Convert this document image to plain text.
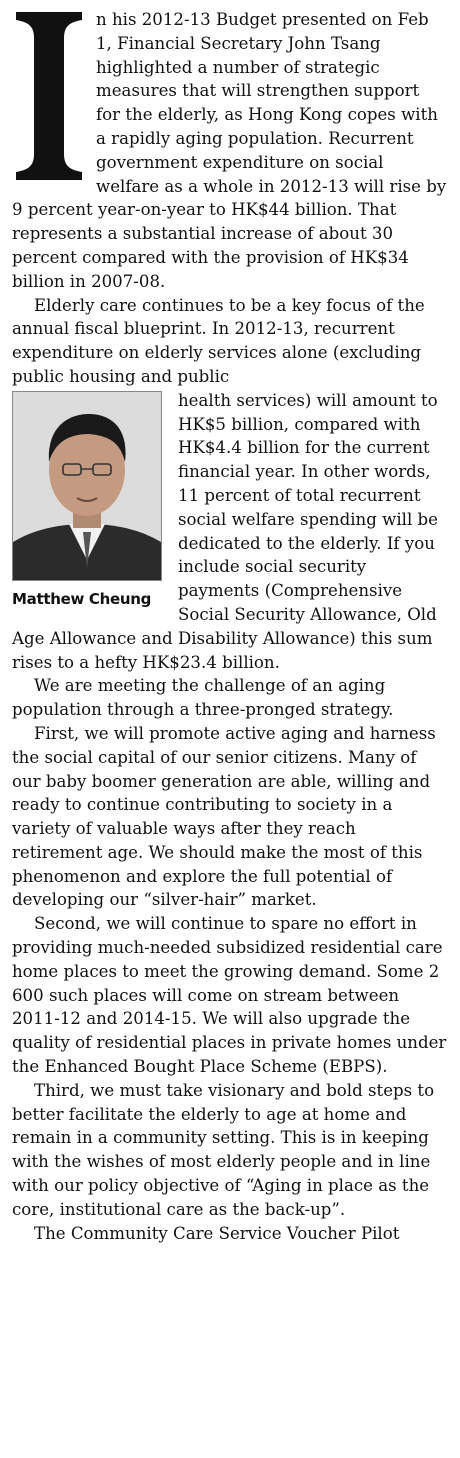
n his 2012-13 Budget presented on Feb 1, Financial Secretary John Tsang highlighted a number of strategic measures that will strengthen support for the elderly, as Hong Kong copes with a rapidly aging population. Recurrent government expenditure on social welfare as a whole in 2012-13 will rise by 9 percent year-on-year to HK$44 billion. That represents a substantial increase of about 30 percent compared with the provision of HK$34 billion in 2007-08.

Elderly care continues to be a key focus of the annual fiscal blueprint. In 2012-13, recurrent expenditure on elderly services alone (excluding public housing and public

Matthew Cheung

health services) will amount to HK$5 billion, compared with HK$4.4 billion for the current financial year. In other words, 11 percent of total recurrent social welfare spending will be dedicated to the elderly. If you include social security payments (Comprehensive Social Security Allowance, Old Age Allowance and Disability Allowance) this sum rises to a hefty HK$23.4 billion.

We are meeting the challenge of an aging population through a three-pronged strategy.

First, we will promote active aging and harness the social capital of our senior citizens. Many of our baby boomer generation are able, willing and ready to continue contributing to society in a variety of valuable ways after they reach retirement age. We should make the most of this phenomenon and explore the full potential of developing our “silver-hair” market.

Second, we will continue to spare no effort in providing much-needed subsidized residential care home places to meet the growing demand. Some 2 600 such places will come on stream between 2011-12 and 2014-15. We will also upgrade the quality of residential places in private homes under the Enhanced Bought Place Scheme (EBPS).

Third, we must take visionary and bold steps to better facilitate the elderly to age at home and remain in a community setting. This is in keeping with the wishes of most elderly people and in line with our policy objective of “Aging in place as the core, institutional care as the back-up”.

The Community Care Service Voucher Pilot
